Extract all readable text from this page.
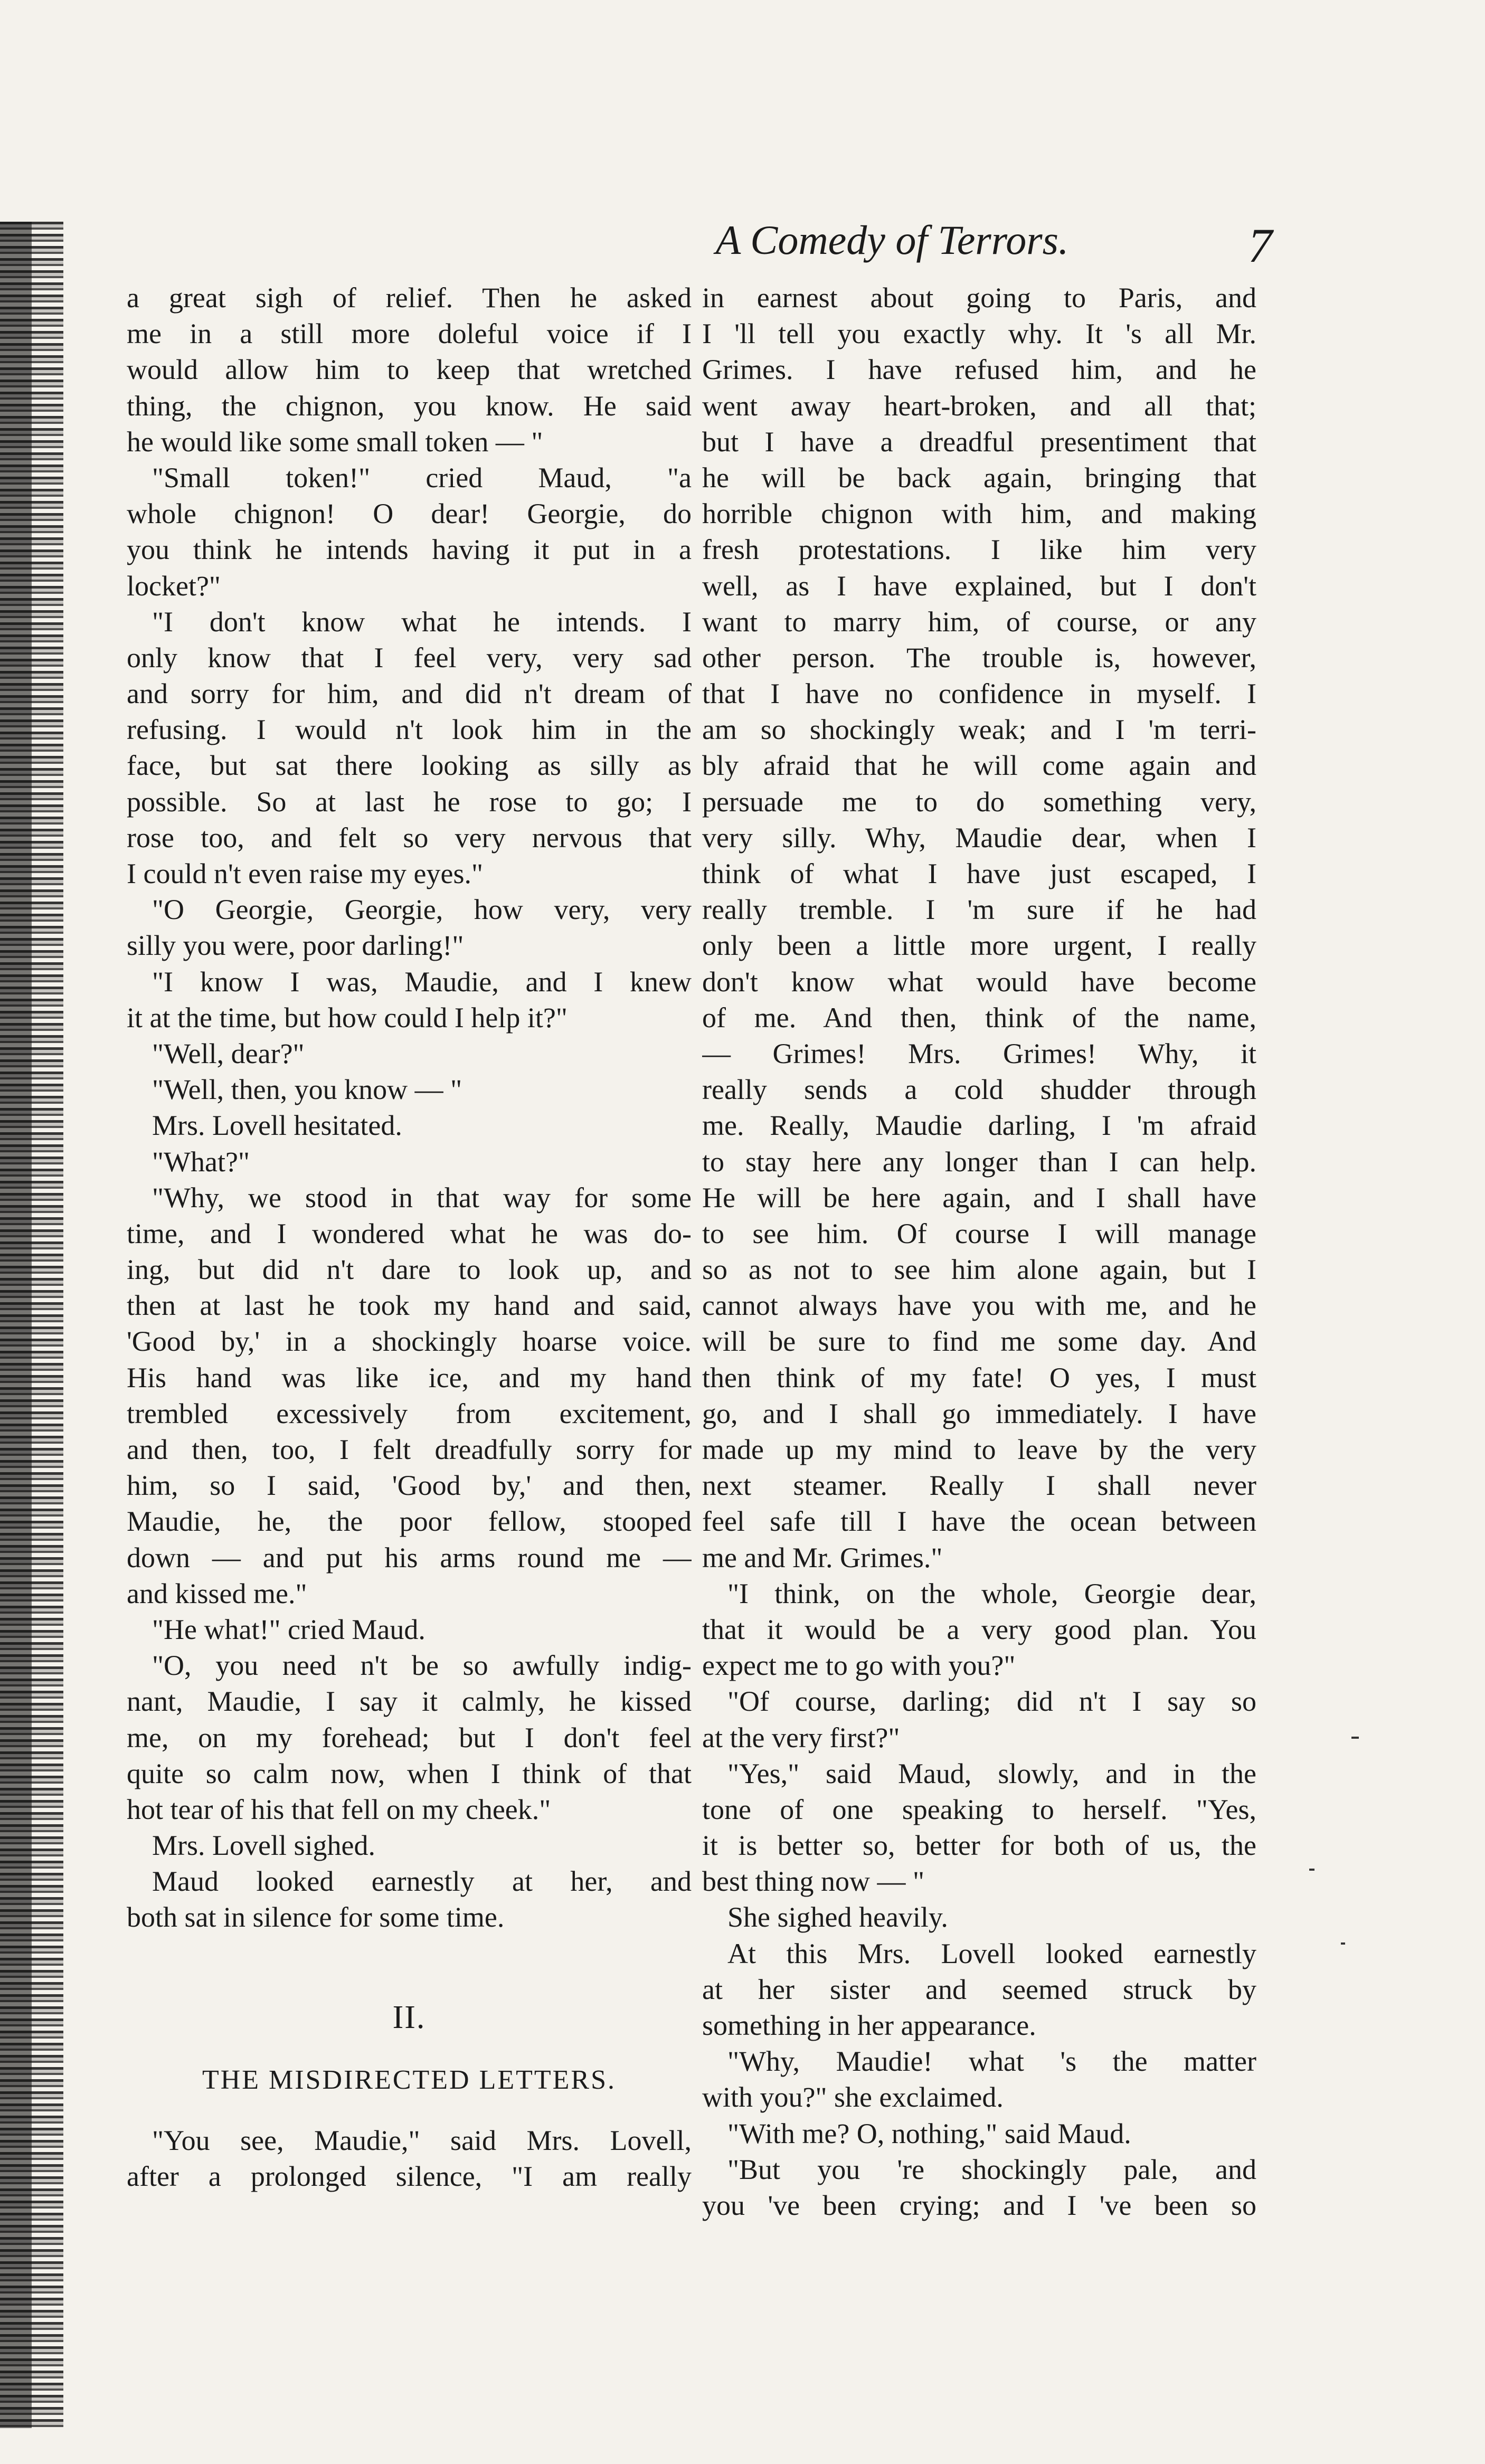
A Comedy of Terrors.	7
a great sigh of relief. Then he asked
me in a still more doleful voice if I
would allow him to keep that wretched
thing, the chignon, you know. He said
he would like some small token — "
"Small token!" cried Maud, "a
whole chignon! O dear! Georgie, do
you think he intends having it put in a
locket?"
"I don't know what he intends. I
only know that I feel very, very sad
and sorry for him, and did n't dream of
refusing. I would n't look him in the
face, but sat there looking as silly as
possible. So at last he rose to go; I
rose too, and felt so very nervous that
I could n't even raise my eyes."
"O Georgie, Georgie, how very, very
silly you were, poor darling!"
"I know I was, Maudie, and I knew
it at the time, but how could I help it?"
"Well, dear?"
"Well, then, you know — "
Mrs. Lovell hesitated.
"What?"
"Why, we stood in that way for some
time, and I wondered what he was do-
ing, but did n't dare to look up, and
then at last he took my hand and said,
'Good by,' in a shockingly hoarse voice.
His hand was like ice, and my hand
trembled excessively from excitement,
and then, too, I felt dreadfully sorry for
him, so I said, 'Good by,' and then,
Maudie, he, the poor fellow, stooped
down — and put his arms round me —
and kissed me."
"He what!" cried Maud.
"O, you need n't be so awfully indig-
nant, Maudie, I say it calmly, he kissed
me, on my forehead; but I don't feel
quite so calm now, when I think of that
hot tear of his that fell on my cheek."
Mrs. Lovell sighed.
Maud looked earnestly at her, and
both sat in silence for some time.
II.
THE MISDIRECTED LETTERS.
"You see, Maudie," said Mrs. Lovell,
after a prolonged silence, "I am really
in earnest about going to Paris, and
I 'll tell you exactly why. It 's all Mr.
Grimes. I have refused him, and he
went away heart-broken, and all that;
but I have a dreadful presentiment that
he will be back again, bringing that
horrible chignon with him, and making
fresh protestations. I like him very
well, as I have explained, but I don't
want to marry him, of course, or any
other person. The trouble is, however,
that I have no confidence in myself. I
am so shockingly weak; and I 'm terri-
bly afraid that he will come again and
persuade me to do something very,
very silly. Why, Maudie dear, when I
think of what I have just escaped, I
really tremble. I 'm sure if he had
only been a little more urgent, I really
don't know what would have become
of me. And then, think of the name,
— Grimes! Mrs. Grimes! Why, it
really sends a cold shudder through
me. Really, Maudie darling, I 'm afraid
to stay here any longer than I can help.
He will be here again, and I shall have
to see him. Of course I will manage
so as not to see him alone again, but I
cannot always have you with me, and he
will be sure to find me some day. And
then think of my fate! O yes, I must
go, and I shall go immediately. I have
made up my mind to leave by the very
next steamer. Really I shall never
feel safe till I have the ocean between
me and Mr. Grimes."
"I think, on the whole, Georgie dear,
that it would be a very good plan. You
expect me to go with you?"
"Of course, darling; did n't I say so
at the very first?"
"Yes," said Maud, slowly, and in the
tone of one speaking to herself. "Yes,
it is better so, better for both of us, the
best thing now — "
She sighed heavily.
At this Mrs. Lovell looked earnestly
at her sister and seemed struck by
something in her appearance.
"Why, Maudie! what 's the matter
with you?" she exclaimed.
"With me? O, nothing," said Maud.
"But you 're shockingly pale, and
you 've been crying; and I 've been so
